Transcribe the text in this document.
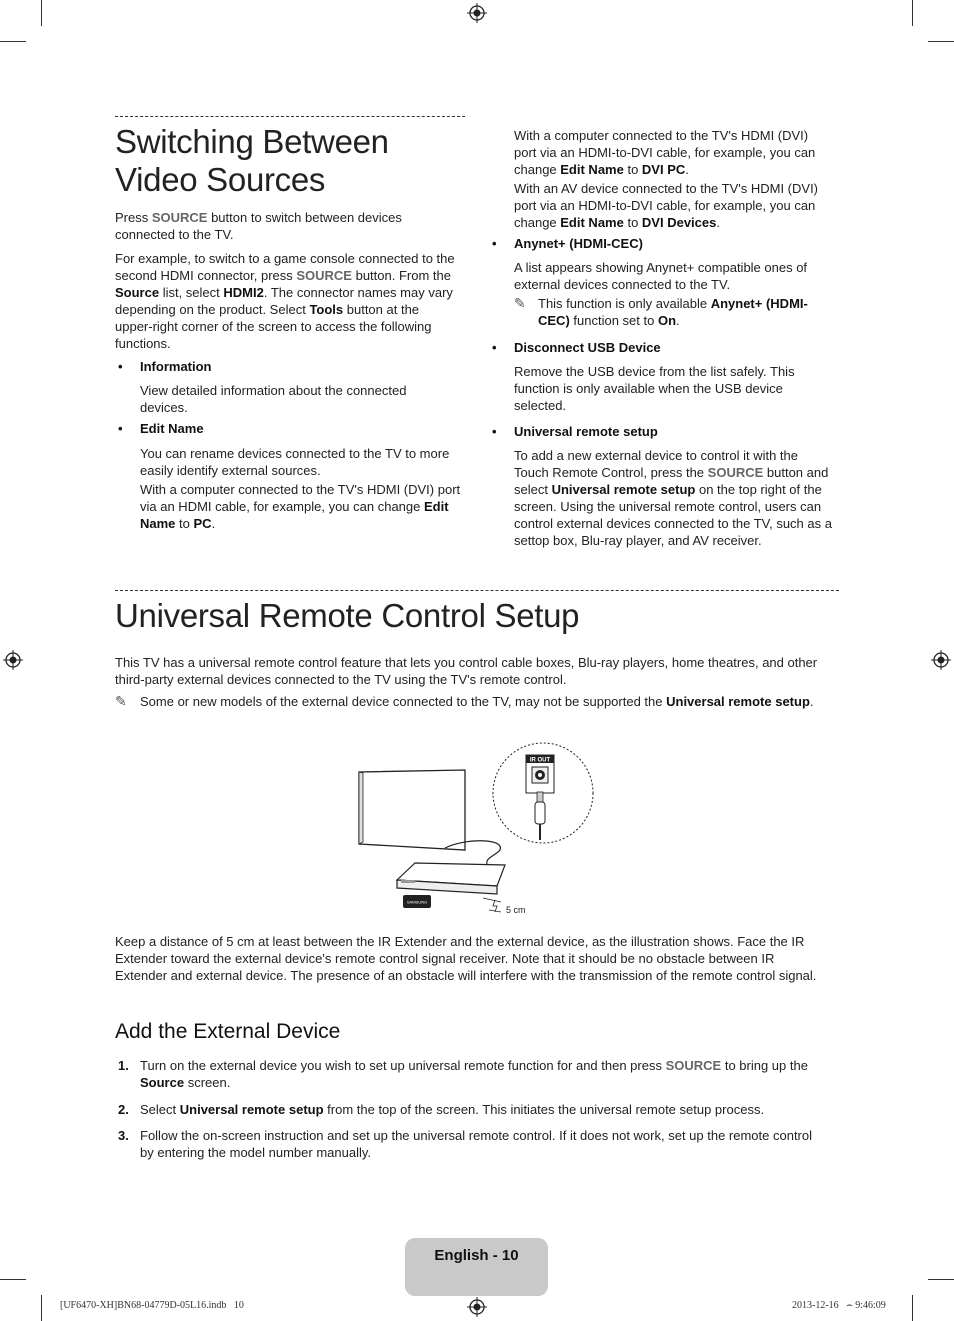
Switching Between Video Sources

Press SOURCE button to switch between devices connected to the TV.

For example, to switch to a game console connected to the second HDMI connector, press SOURCE button. From the Source list, select HDMI2. The connector names may vary depending on the product. Select Tools button at the upper-right corner of the screen to access the following functions.

• Information

View detailed information about the connected devices.

• Edit Name

You can rename devices connected to the TV to more easily identify external sources.

With a computer connected to the TV's HDMI (DVI) port via an HDMI cable, for example, you can change Edit Name to PC.

With a computer connected to the TV's HDMI (DVI) port via an HDMI-to-DVI cable, for example, you can change Edit Name to DVI PC.

With an AV device connected to the TV's HDMI (DVI) port via an HDMI-to-DVI cable, for example, you can change Edit Name to DVI Devices.

• Anynet+ (HDMI-CEC)

A list appears showing Anynet+ compatible ones of external devices connected to the TV.

✎ This function is only available Anynet+ (HDMI-CEC) function set to On.

• Disconnect USB Device

Remove the USB device from the list safely. This function is only available when the USB device selected.

• Universal remote setup

To add a new external device to control it with the Touch Remote Control, press the SOURCE button and select Universal remote setup on the top right of the screen. Using the universal remote control, users can control external devices connected to the TV, such as a settop box, Blu-ray player, and AV receiver.

Universal Remote Control Setup

This TV has a universal remote control feature that lets you control cable boxes, Blu-ray players, home theatres, and other third-party external devices connected to the TV using the TV's remote control.

✎	Some or new models of the external device connected to the TV, may not be supported the Universal remote setup.

IR OUT
SAMSUNG
5 cm

Keep a distance of 5 cm at least between the IR Extender and the external device, as the illustration shows. Face the IR Extender toward the external device's remote control signal receiver. Note that it should be no obstacle between IR Extender and external device. The presence of an obstacle will interfere with the transmission of the remote control signal.

Add the External Device
1. Turn on the external device you wish to set up universal remote function for and then press SOURCE to bring up the Source screen.

2. Select Universal remote setup from the top of the screen. This initiates the universal remote setup process.

3. Follow the on-screen instruction and set up the universal remote control. If it does not work, set up the remote control by entering the model number manually.

English - 10
[UF6470-XH]BN68-04779D-05L16.indb   10	2013-12-16   ⌢ 9:46:09
